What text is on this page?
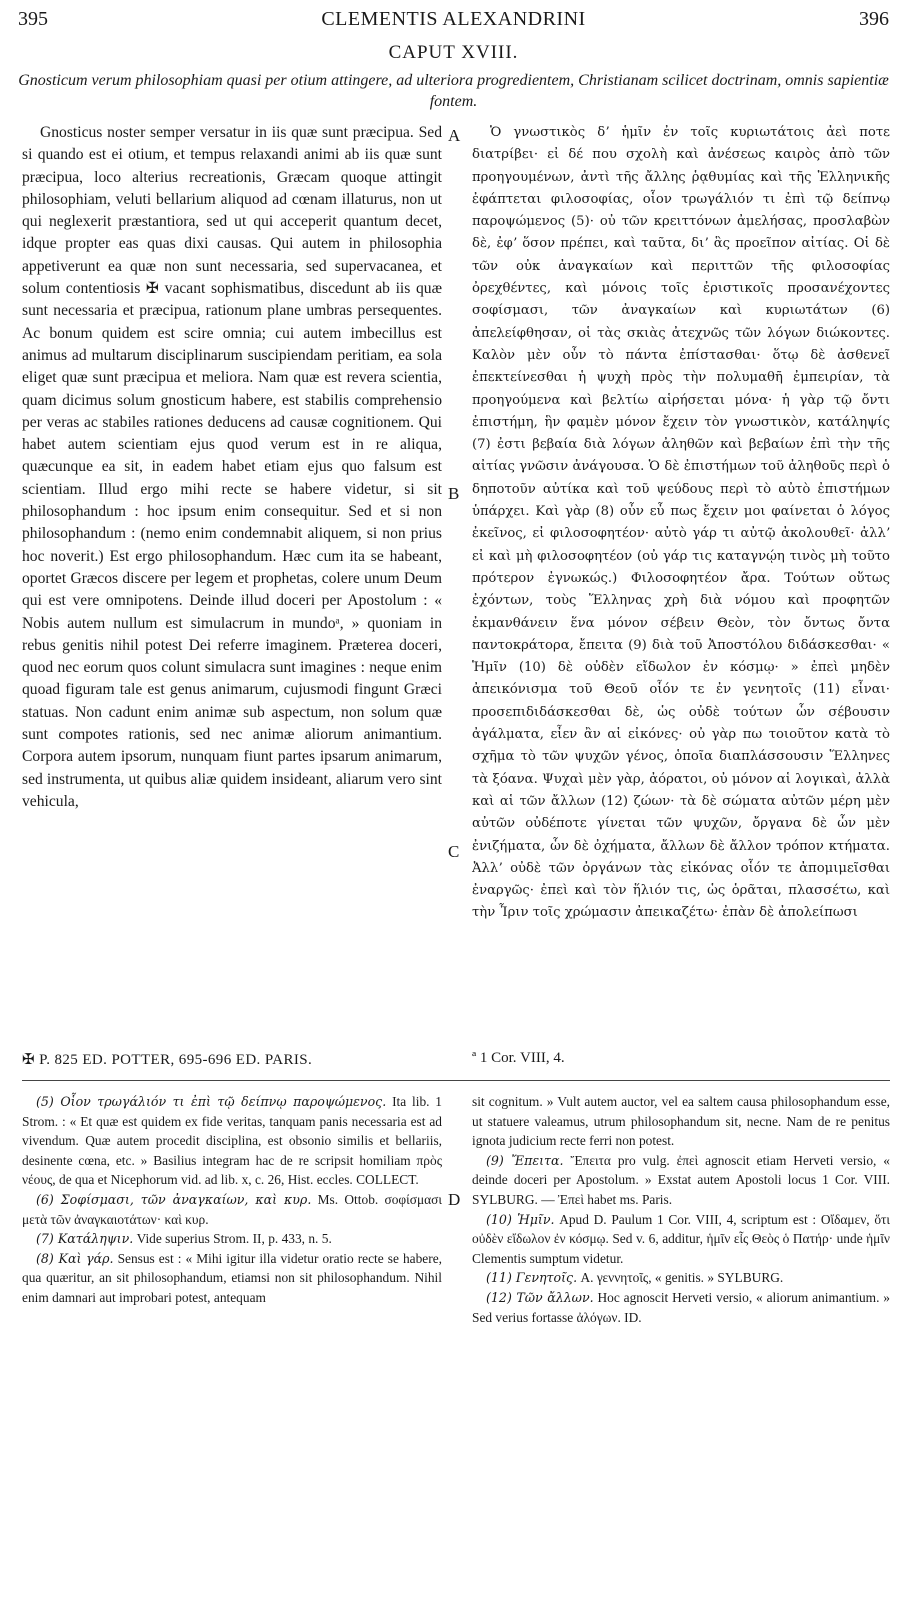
395	CLEMENTIS ALEXANDRINI	396
CAPUT XVIII.
Gnosticum verum philosophiam quasi per otium attingere, ad ulteriora progredientem, Christianam scilicet doctrinam, omnis sapientiæ fontem.

Gnosticus noster semper versatur in iis quæ sunt præcipua. Sed si quando est ei otium, et tempus relaxandi animi ab iis quæ sunt præcipua, loco alterius recreationis, Græcam quoque attingit philosophiam, veluti bellarium aliquod ad cœnam illaturus, non ut qui neglexerit præstantiora, sed ut qui acceperit quantum decet, idque propter eas quas dixi causas. Qui autem in philosophia appetiverunt ea quæ non sunt necessaria, sed supervacanea, et solum contentiosis ✠ vacant sophismatibus, discedunt ab iis quæ sunt necessaria et præcipua, rationum plane umbras persequentes. Ac bonum quidem est scire omnia; cui autem imbecillus est animus ad multarum disciplinarum suscipiendam peritiam, ea sola eliget quæ sunt præcipua et meliora. Nam quæ est revera scientia, quam dicimus solum gnosticum habere, est stabilis comprehensio per veras ac stabiles rationes deducens ad causæ cognitionem. Qui habet autem scientiam ejus quod verum est in re aliqua, quæcunque ea sit, in eadem habet etiam ejus quo falsum est scientiam. Illud ergo mihi recte se habere videtur, si sit philosophandum : hoc ipsum enim consequitur. Sed et si non philosophandum : (nemo enim condemnabit aliquem, si non prius hoc noverit.) Est ergo philosophandum. Hæc cum ita se habeant, oportet Græcos discere per legem et prophetas, colere unum Deum qui est vere omnipotens. Deinde illud doceri per Apostolum : « Nobis autem nullum est simulacrum in mundoᵃ, » quoniam in rebus genitis nihil potest Dei referre imaginem. Præterea doceri, quod nec eorum quos colunt simulacra sunt imagines : neque enim quoad figuram tale est genus animarum, cujusmodi fingunt Græci statuas. Non cadunt enim animæ sub aspectum, non solum quæ sunt compotes rationis, sed nec animæ aliorum animantium. Corpora autem ipsorum, nunquam fiunt partes ipsarum animarum, sed instrumenta, ut quibus aliæ quidem insideant, aliarum vero sint vehicula,

Ὁ γνωστικὸς δʼ ἡμῖν ἐν τοῖς κυριωτάτοις ἀεὶ ποτε διατρίβει· εἰ δέ που σχολὴ καὶ ἀνέσεως καιρὸς ἀπὸ τῶν προηγουμένων, ἀντὶ τῆς ἄλλης ῥᾳθυμίας καὶ τῆς Ἑλληνικῆς ἐφάπτεται φιλοσοφίας, οἷον τρωγάλιόν τι ἐπὶ τῷ δείπνῳ παροψώμενος (5)· οὐ τῶν κρειττόνων ἀμελήσας, προσλαβὼν δὲ, ἐφʼ ὅσον πρέπει, καὶ ταῦτα, διʼ ἃς προεῖπον αἰτίας. Οἱ δὲ τῶν οὐκ ἀναγκαίων καὶ περιττῶν τῆς φιλοσοφίας ὀρεχθέντες, καὶ μόνοις τοῖς ἐριστικοῖς προσανέχοντες σοφίσμασι, τῶν ἀναγκαίων καὶ κυριωτάτων (6) ἀπελείφθησαν, οἱ τὰς σκιὰς ἀτεχνῶς τῶν λόγων διώκοντες. Καλὸν μὲν οὖν τὸ πάντα ἐπίστασθαι· ὅτῳ δὲ ἀσθενεῖ ἐπεκτείνεσθαι ἡ ψυχὴ πρὸς τὴν πολυμαθῆ ἐμπειρίαν, τὰ προηγούμενα καὶ βελτίω αἱρήσεται μόνα· ἡ γὰρ τῷ ὄντι ἐπιστήμη, ἣν φαμὲν μόνον ἔχειν τὸν γνωστικὸν, κατάληψίς (7) ἐστι βεβαία διὰ λόγων ἀληθῶν καὶ βεβαίων ἐπὶ τὴν τῆς αἰτίας γνῶσιν ἀνάγουσα. Ὁ δὲ ἐπιστήμων τοῦ ἀληθοῦς περὶ ὁ δηποτοῦν αὐτίκα καὶ τοῦ ψεύδους περὶ τὸ αὐτὸ ἐπιστήμων ὑπάρχει. Καὶ γὰρ (8) οὖν εὖ πως ἔχειν μοι φαίνεται ὁ λόγος ἐκεῖνος, εἰ φιλοσοφητέον· αὐτὸ γάρ τι αὐτῷ ἀκολουθεῖ· ἀλλʼ εἰ καὶ μὴ φιλοσοφητέον (οὐ γάρ τις καταγνῴη τινὸς μὴ τοῦτο πρότερον ἐγνωκώς.) Φιλοσοφητέον ἄρα. Τούτων οὕτως ἐχόντων, τοὺς Ἕλληνας χρὴ διὰ νόμου καὶ προφητῶν ἐκμανθάνειν ἕνα μόνον σέβειν Θεὸν, τὸν ὄντως ὄντα παντοκράτορα, ἔπειτα (9) διὰ τοῦ Ἀποστόλου διδάσκεσθαι· « Ἡμῖν (10) δὲ οὐδὲν εἴδωλον ἐν κόσμῳ· » ἐπεὶ μηδὲν ἀπεικόνισμα τοῦ Θεοῦ οἷόν τε ἐν γενητοῖς (11) εἶναι· προσεπιδιδάσκεσθαι δὲ, ὡς οὐδὲ τούτων ὧν σέβουσιν ἀγάλματα, εἶεν ἂν αἱ εἰκόνες· οὐ γὰρ πω τοιοῦτον κατὰ τὸ σχῆμα τὸ τῶν ψυχῶν γένος, ὁποῖα διαπλάσσουσιν Ἕλληνες τὰ ξόανα. Ψυχαὶ μὲν γὰρ, ἀόρατοι, οὐ μόνον αἱ λογικαὶ, ἀλλὰ καὶ αἱ τῶν ἄλλων (12) ζώων· τὰ δὲ σώματα αὐτῶν μέρη μὲν αὐτῶν οὐδέποτε γίνεται τῶν ψυχῶν, ὄργανα δὲ ὧν μὲν ἐνιζήματα, ὧν δὲ ὀχήματα, ἄλλων δὲ ἄλλον τρόπον κτήματα. Ἀλλʼ οὐδὲ τῶν ὀργάνων τὰς εἰκόνας οἷόν τε ἀπομιμεῖσθαι ἐναργῶς· ἐπεὶ καὶ τὸν ἥλιόν τις, ὡς ὁρᾶται, πλασσέτω, καὶ τὴν Ἶριν τοῖς χρώμασιν ἀπεικαζέτω· ἐπὰν δὲ ἀπολείπωσι

A
B
C
D
✠ P. 825 ED. POTTER, 695-696 ED. PARIS.	ª 1 Cor. VIII, 4.

(5) Οἷον τρωγάλιόν τι ἐπὶ τῷ δείπνῳ παροψώμενος. Ita lib. 1 Strom. : « Et quæ est quidem ex fide veritas, tanquam panis necessaria est ad vivendum. Quæ autem procedit disciplina, est obsonio similis et bellariis, desinente cœna, etc. » Basilius integram hac de re scripsit homiliam πρὸς νέους, de qua et Nicephorum vid. ad lib. x, c. 26, Hist. eccles. COLLECT.

(6) Σοφίσμασι, τῶν ἀναγκαίων, καὶ κυρ. Ms. Ottob. σοφίσμασι μετὰ τῶν ἀναγκαιοτάτων· καὶ κυρ.

(7) Κατάληψιν. Vide superius Strom. II, p. 433, n. 5.

(8) Καὶ γάρ. Sensus est : « Mihi igitur illa videtur oratio recte se habere, qua quæritur, an sit philosophandum, etiamsi non sit philosophandum. Nihil enim damnari aut improbari potest, antequam

sit cognitum. » Vult autem auctor, vel ea saltem causa philosophandum esse, ut statuere valeamus, utrum philosophandum sit, necne. Nam de re penitus ignota judicium recte ferri non potest.

(9) Ἔπειτα. Ἔπειτα pro vulg. ἐπεὶ agnoscit etiam Herveti versio, « deinde doceri per Apostolum. » Exstat autem Apostoli locus 1 Cor. VIII. SYLBURG. — Ἐπεὶ habet ms. Paris.

(10) Ἡμῖν. Apud D. Paulum 1 Cor. VIII, 4, scriptum est : Οἴδαμεν, ὅτι οὐδὲν εἴδωλον ἐν κόσμῳ. Sed v. 6, additur, ἡμῖν εἷς Θεὸς ὁ Πατήρ· unde ἡμῖν Clementis sumptum videtur.

(11) Γενητοῖς. A. γεννητοῖς, « genitis. » SYLBURG.

(12) Τῶν ἄλλων. Hoc agnoscit Herveti versio, « aliorum animantium. » Sed verius fortasse ἀλόγων. ID.
